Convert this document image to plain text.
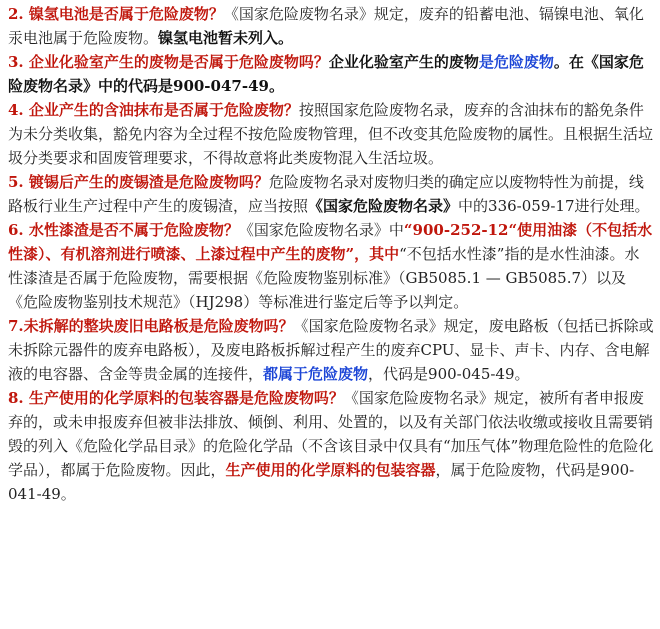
2. 镍氢电池是否属于危险废物？《国家危险废物名录》规定，废弃的铅蓄电池、镉镍电池、氧化汞电池属于危险废物。镍氢电池暂未列入。

3. 企业化验室产生的废物是否属于危险废物吗？企业化验室产生的废物是危险废物。在《国家危险废物名录》中的代码是900-047-49。

4. 企业产生的含油抹布是否属于危险废物？按照国家危险废物名录，废弃的含油抹布的豁免条件为未分类收集，豁免内容为全过程不按危险废物管理，但不改变其危险废物的属性。且根据生活垃圾分类要求和固废管理要求，不得故意将此类废物混入生活垃圾。

5. 镀锡后产生的废锡渣是危险废物吗？危险废物名录对废物归类的确定应以废物特性为前提，线路板行业生产过程中产生的废锡渣，应当按照《国家危险废物名录》中的336-059-17进行处理。

6. 水性漆渣是否不属于危险废物？《国家危险废物名录》中“900-252-12“使用油漆（不包括水性漆）、有机溶剂进行喷漆、上漆过程中产生的废物”，其中“不包括水性漆”指的是水性油漆。水性漆渣是否属于危险废物，需要根据《危险废物鉴别标准》（GB5085.1 — GB5085.7）以及《危险废物鉴别技术规范》（HJ298）等标准进行鉴定后等予以判定。

7.未拆解的整块废旧电路板是危险废物吗？《国家危险废物名录》规定，废电路板（包括已拆除或未拆除元器件的废弃电路板），及废电路板拆解过程产生的废弃CPU、显卡、声卡、内存、含电解液的电容器、含金等贵金属的连接件，都属于危险废物，代码是900-045-49。

8. 生产使用的化学原料的包装容器是危险废物吗？《国家危险废物名录》规定，被所有者申报废弃的，或未申报废弃但被非法排放、倾倒、利用、处置的，以及有关部门依法收缴或接收且需要销毁的列入《危险化学品目录》的危险化学品（不含该目录中仅具有“加压气体”物理危险性的危险化学品），都属于危险废物。因此，生产使用的化学原料的包装容器，属于危险废物，代码是900-041-49。
